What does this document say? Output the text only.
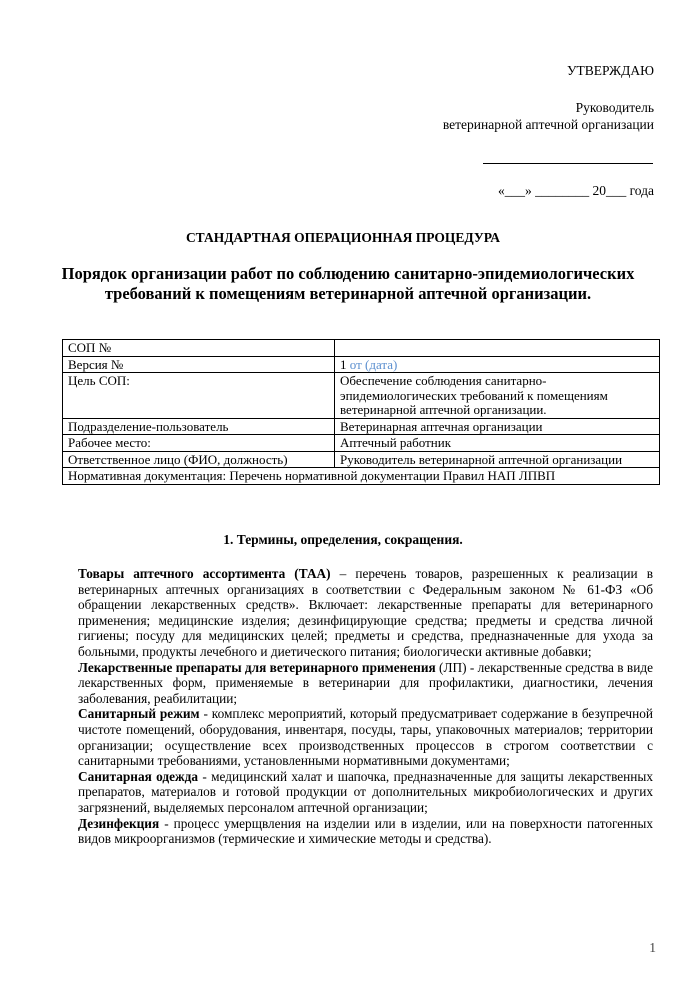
УТВЕРЖДАЮ
Руководитель
ветеринарной аптечной организации
«___» ________ 20___ года
СТАНДАРТНАЯ ОПЕРАЦИОННАЯ ПРОЦЕДУРА
Порядок организации работ по соблюдению санитарно-эпидемиологических требований к помещениям ветеринарной аптечной организации.
СОП №	
Версия №	1 от (дата)
Цель СОП:	Обеспечение соблюдения санитарно-эпидемиологических требований к помещениям ветеринарной аптечной организации.
Подразделение-пользователь	Ветеринарная аптечная организации
Рабочее место:	Аптечный работник
Ответственное лицо (ФИО, должность)	Руководитель ветеринарной аптечной организации
Нормативная документация: Перечень нормативной документации Правил НАП ЛПВП	
1. Термины, определения, сокращения.

Товары аптечного ассортимента (ТАА) – перечень товаров, разрешенных к реализации в ветеринарных аптечных организациях в соответствии с Федеральным законом № 61-ФЗ «Об обращении лекарственных средств». Включает: лекарственные препараты для ветеринарного применения; медицинские изделия; дезинфицирующие средства; предметы и средства личной гигиены; посуду для медицинских целей; предметы и средства, предназначенные для ухода за больными, продукты лечебного и диетического питания; биологически активные добавки;

Лекарственные препараты для ветеринарного применения (ЛП) - лекарственные средства в виде лекарственных форм, применяемые в ветеринарии для профилактики, диагностики, лечения заболевания, реабилитации;

Санитарный режим - комплекс мероприятий, который предусматривает содержание в безупречной чистоте помещений, оборудования, инвентаря, посуды, тары, упаковочных материалов; территории организации; осуществление всех производственных процессов в строгом соответствии с санитарными требованиями, установленными нормативными документами;

Санитарная одежда - медицинский халат и шапочка, предназначенные для защиты лекарственных препаратов, материалов и готовой продукции от дополнительных микробиологических и других загрязнений, выделяемых персоналом аптечной организации;

Дезинфекция - процесс умерщвления на изделии или в изделии, или на поверхности патогенных видов микроорганизмов (термические и химические методы и средства).

1
